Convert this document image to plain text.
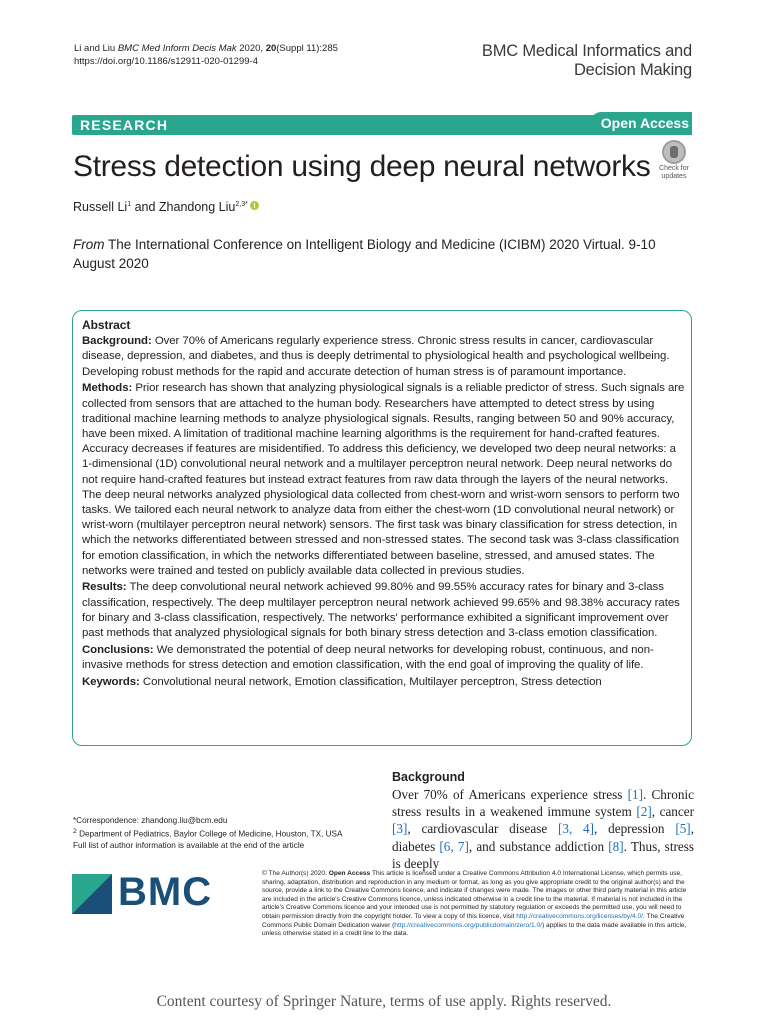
Li and Liu BMC Med Inform Decis Mak 2020, 20(Suppl 11):285
https://doi.org/10.1186/s12911-020-01299-4
BMC Medical Informatics and
Decision Making
RESEARCH	Open Access
Stress detection using deep neural networks	Check for
updates
Russell Li$^1$ and Zhandong Liu$^{2,3*}$
From The International Conference on Intelligent Biology and Medicine (ICIBM) 2020 Virtual. 9-10 August 2020
Abstract

Background: Over 70% of Americans regularly experience stress. Chronic stress results in cancer, cardiovascular disease, depression, and diabetes, and thus is deeply detrimental to physiological health and psychological wellbeing. Developing robust methods for the rapid and accurate detection of human stress is of paramount importance.

Methods: Prior research has shown that analyzing physiological signals is a reliable predictor of stress. Such signals are collected from sensors that are attached to the human body. Researchers have attempted to detect stress by using traditional machine learning methods to analyze physiological signals. Results, ranging between 50 and 90% accuracy, have been mixed. A limitation of traditional machine learning algorithms is the requirement for hand-crafted features. Accuracy decreases if features are misidentified. To address this deficiency, we developed two deep neural networks: a 1-dimensional (1D) convolutional neural network and a multilayer perceptron neural network. Deep neural networks do not require hand-crafted features but instead extract features from raw data through the layers of the neural networks. The deep neural networks analyzed physiological data collected from chest-worn and wrist-worn sensors to perform two tasks. We tailored each neural network to analyze data from either the chest-worn (1D convolutional neural network) or wrist-worn (multilayer perceptron neural network) sensors. The first task was binary classification for stress detection, in which the networks differentiated between stressed and non-stressed states. The second task was 3-class classification for emotion classification, in which the networks differentiated between baseline, stressed, and amused states. The networks were trained and tested on publicly available data collected in previous studies.

Results: The deep convolutional neural network achieved 99.80% and 99.55% accuracy rates for binary and 3-class classification, respectively. The deep multilayer perceptron neural network achieved 99.65% and 98.38% accuracy rates for binary and 3-class classification, respectively. The networks' performance exhibited a significant improvement over past methods that analyzed physiological signals for both binary stress detection and 3-class emotion classification.

Conclusions: We demonstrated the potential of deep neural networks for developing robust, continuous, and non-invasive methods for stress detection and emotion classification, with the end goal of improving the quality of life.

Keywords: Convolutional neural network, Emotion classification, Multilayer perceptron, Stress detection

Background
Over 70% of Americans experience stress [1]. Chronic stress results in a weakened immune system [2], cancer [3], cardiovascular disease [3, 4], depression [5], diabetes [6, 7], and substance addiction [8]. Thus, stress is deeply
*Correspondence: zhandong.liu@bcm.edu
$^2$ Department of Pediatrics, Baylor College of Medicine, Houston, TX, USA
Full list of author information is available at the end of the article
BMC	© The Author(s) 2020. Open Access This article is licensed under a Creative Commons Attribution 4.0 International License, which permits use, sharing, adaptation, distribution and reproduction in any medium or format, as long as you give appropriate credit to the original author(s) and the source, provide a link to the Creative Commons licence, and indicate if changes were made. The images or other third party material in this article are included in the article's Creative Commons licence, unless indicated otherwise in a credit line to the material. If material is not included in the article's Creative Commons licence and your intended use is not permitted by statutory regulation or exceeds the permitted use, you will need to obtain permission directly from the copyright holder. To view a copy of this licence, visit http://creativecommons.org/licenses/by/4.0/. The Creative Commons Public Domain Dedication waiver (http://creativecommons.org/publicdomain/zero/1.0/) applies to the data made available in this article, unless otherwise stated in a credit line to the data.
Content courtesy of Springer Nature, terms of use apply. Rights reserved.
